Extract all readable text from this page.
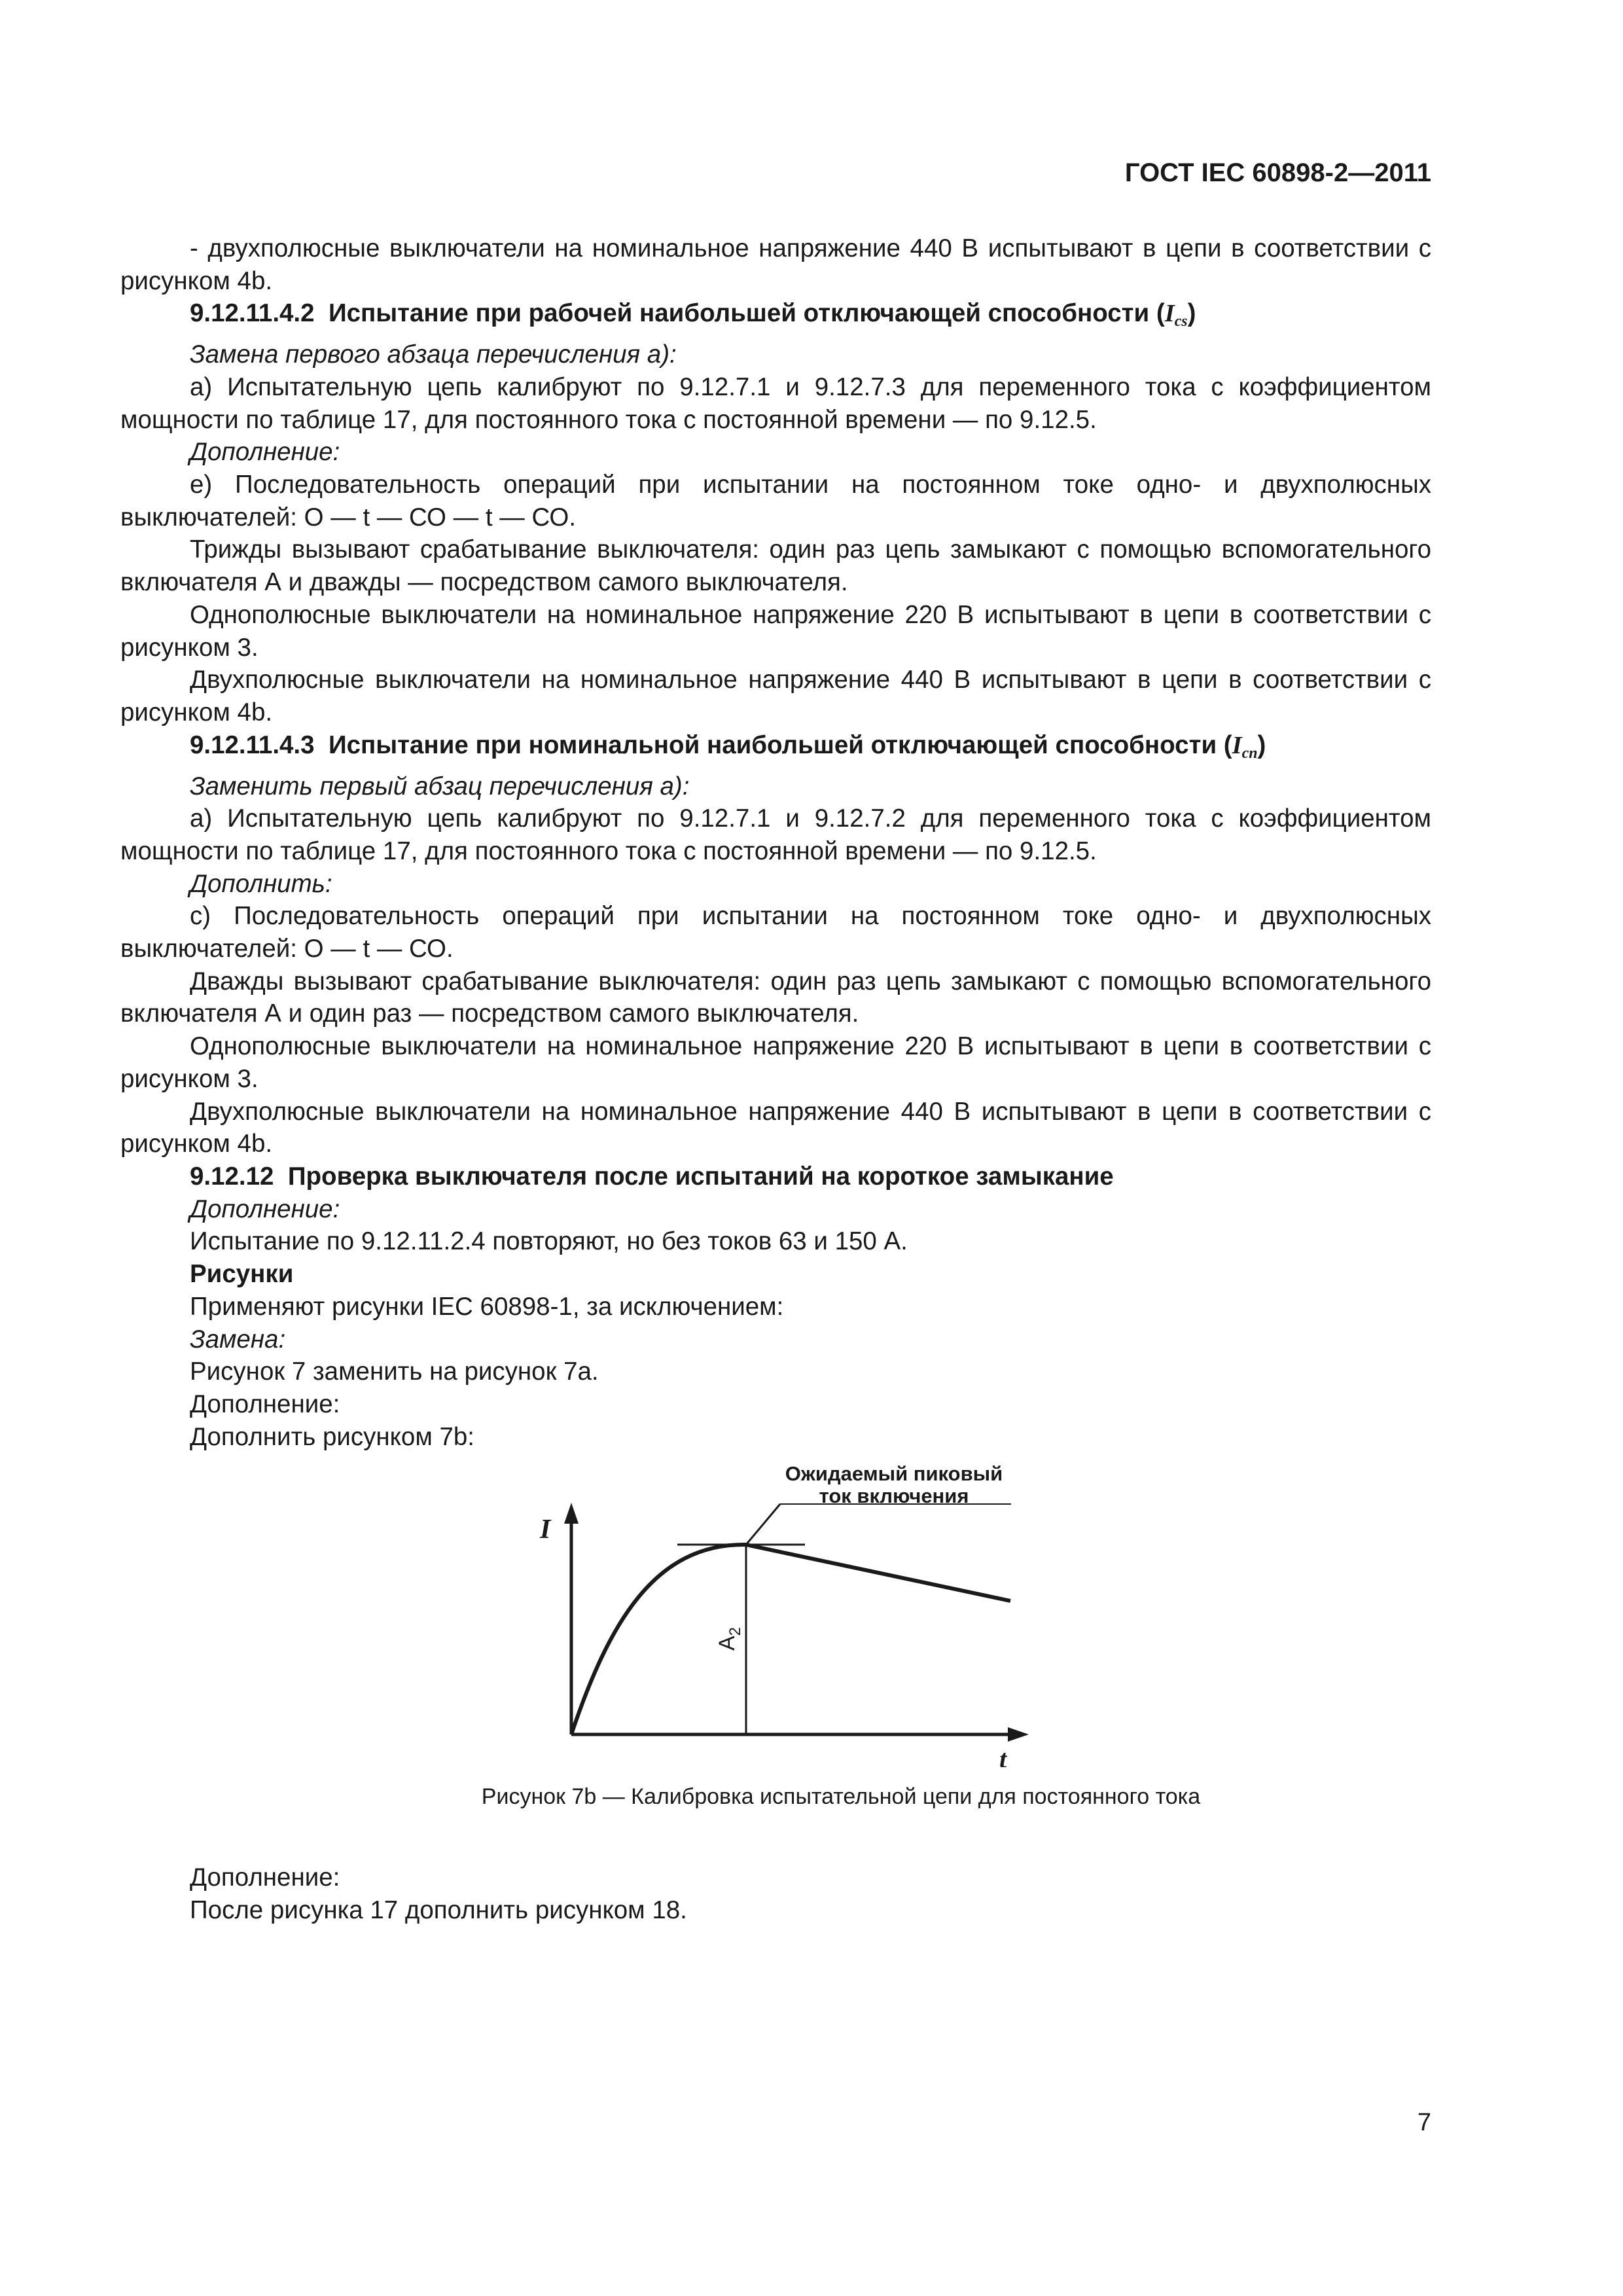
ГОСТ IEC 60898-2—2011

- двухполюсные выключатели на номинальное напряжение 440 В испытывают в цепи в соответствии с рисунком 4b.

9.12.11.4.2 Испытание при рабочей наибольшей отключающей способности $(I_{cs})$

Замена первого абзаца перечисления а):

а) Испытательную цепь калибруют по 9.12.7.1 и 9.12.7.3 для переменного тока с коэффициентом мощности по таблице 17, для постоянного тока с постоянной времени — по 9.12.5.

Дополнение:

е) Последовательность операций при испытании на постоянном токе одно- и двухполюсных выключателей: О — t — СО — t — СО.

Трижды вызывают срабатывание выключателя: один раз цепь замыкают с помощью вспомогательного включателя А и дважды — посредством самого выключателя.

Однополюсные выключатели на номинальное напряжение 220 В испытывают в цепи в соответствии с рисунком 3.

Двухполюсные выключатели на номинальное напряжение 440 В испытывают в цепи в соответствии с рисунком 4b.

9.12.11.4.3 Испытание при номинальной наибольшей отключающей способности $(I_{cn})$

Заменить первый абзац перечисления а):

а) Испытательную цепь калибруют по 9.12.7.1 и 9.12.7.2 для переменного тока с коэффициентом мощности по таблице 17, для постоянного тока с постоянной времени — по 9.12.5.

Дополнить:

с) Последовательность операций при испытании на постоянном токе одно- и двухполюсных выключателей: О — t — СО.

Дважды вызывают срабатывание выключателя: один раз цепь замыкают с помощью вспомогательного включателя А и один раз — посредством самого выключателя.

Однополюсные выключатели на номинальное напряжение 220 В испытывают в цепи в соответствии с рисунком 3.

Двухполюсные выключатели на номинальное напряжение 440 В испытывают в цепи в соответствии с рисунком 4b.

9.12.12 Проверка выключателя после испытаний на короткое замыкание

Дополнение:

Испытание по 9.12.11.2.4 повторяют, но без токов 63 и 150 А.

Рисунки

Применяют рисунки IEC 60898-1, за исключением:

Замена:

Рисунок 7 заменить на рисунок 7а.

Дополнение:

Дополнить рисунком 7b:

I
t
$A_2$
Ожидаемый пиковый
ток включения
Рисунок 7b — Калибровка испытательной цепи для постоянного тока
Дополнение:
После рисунка 17 дополнить рисунком 18.
7
